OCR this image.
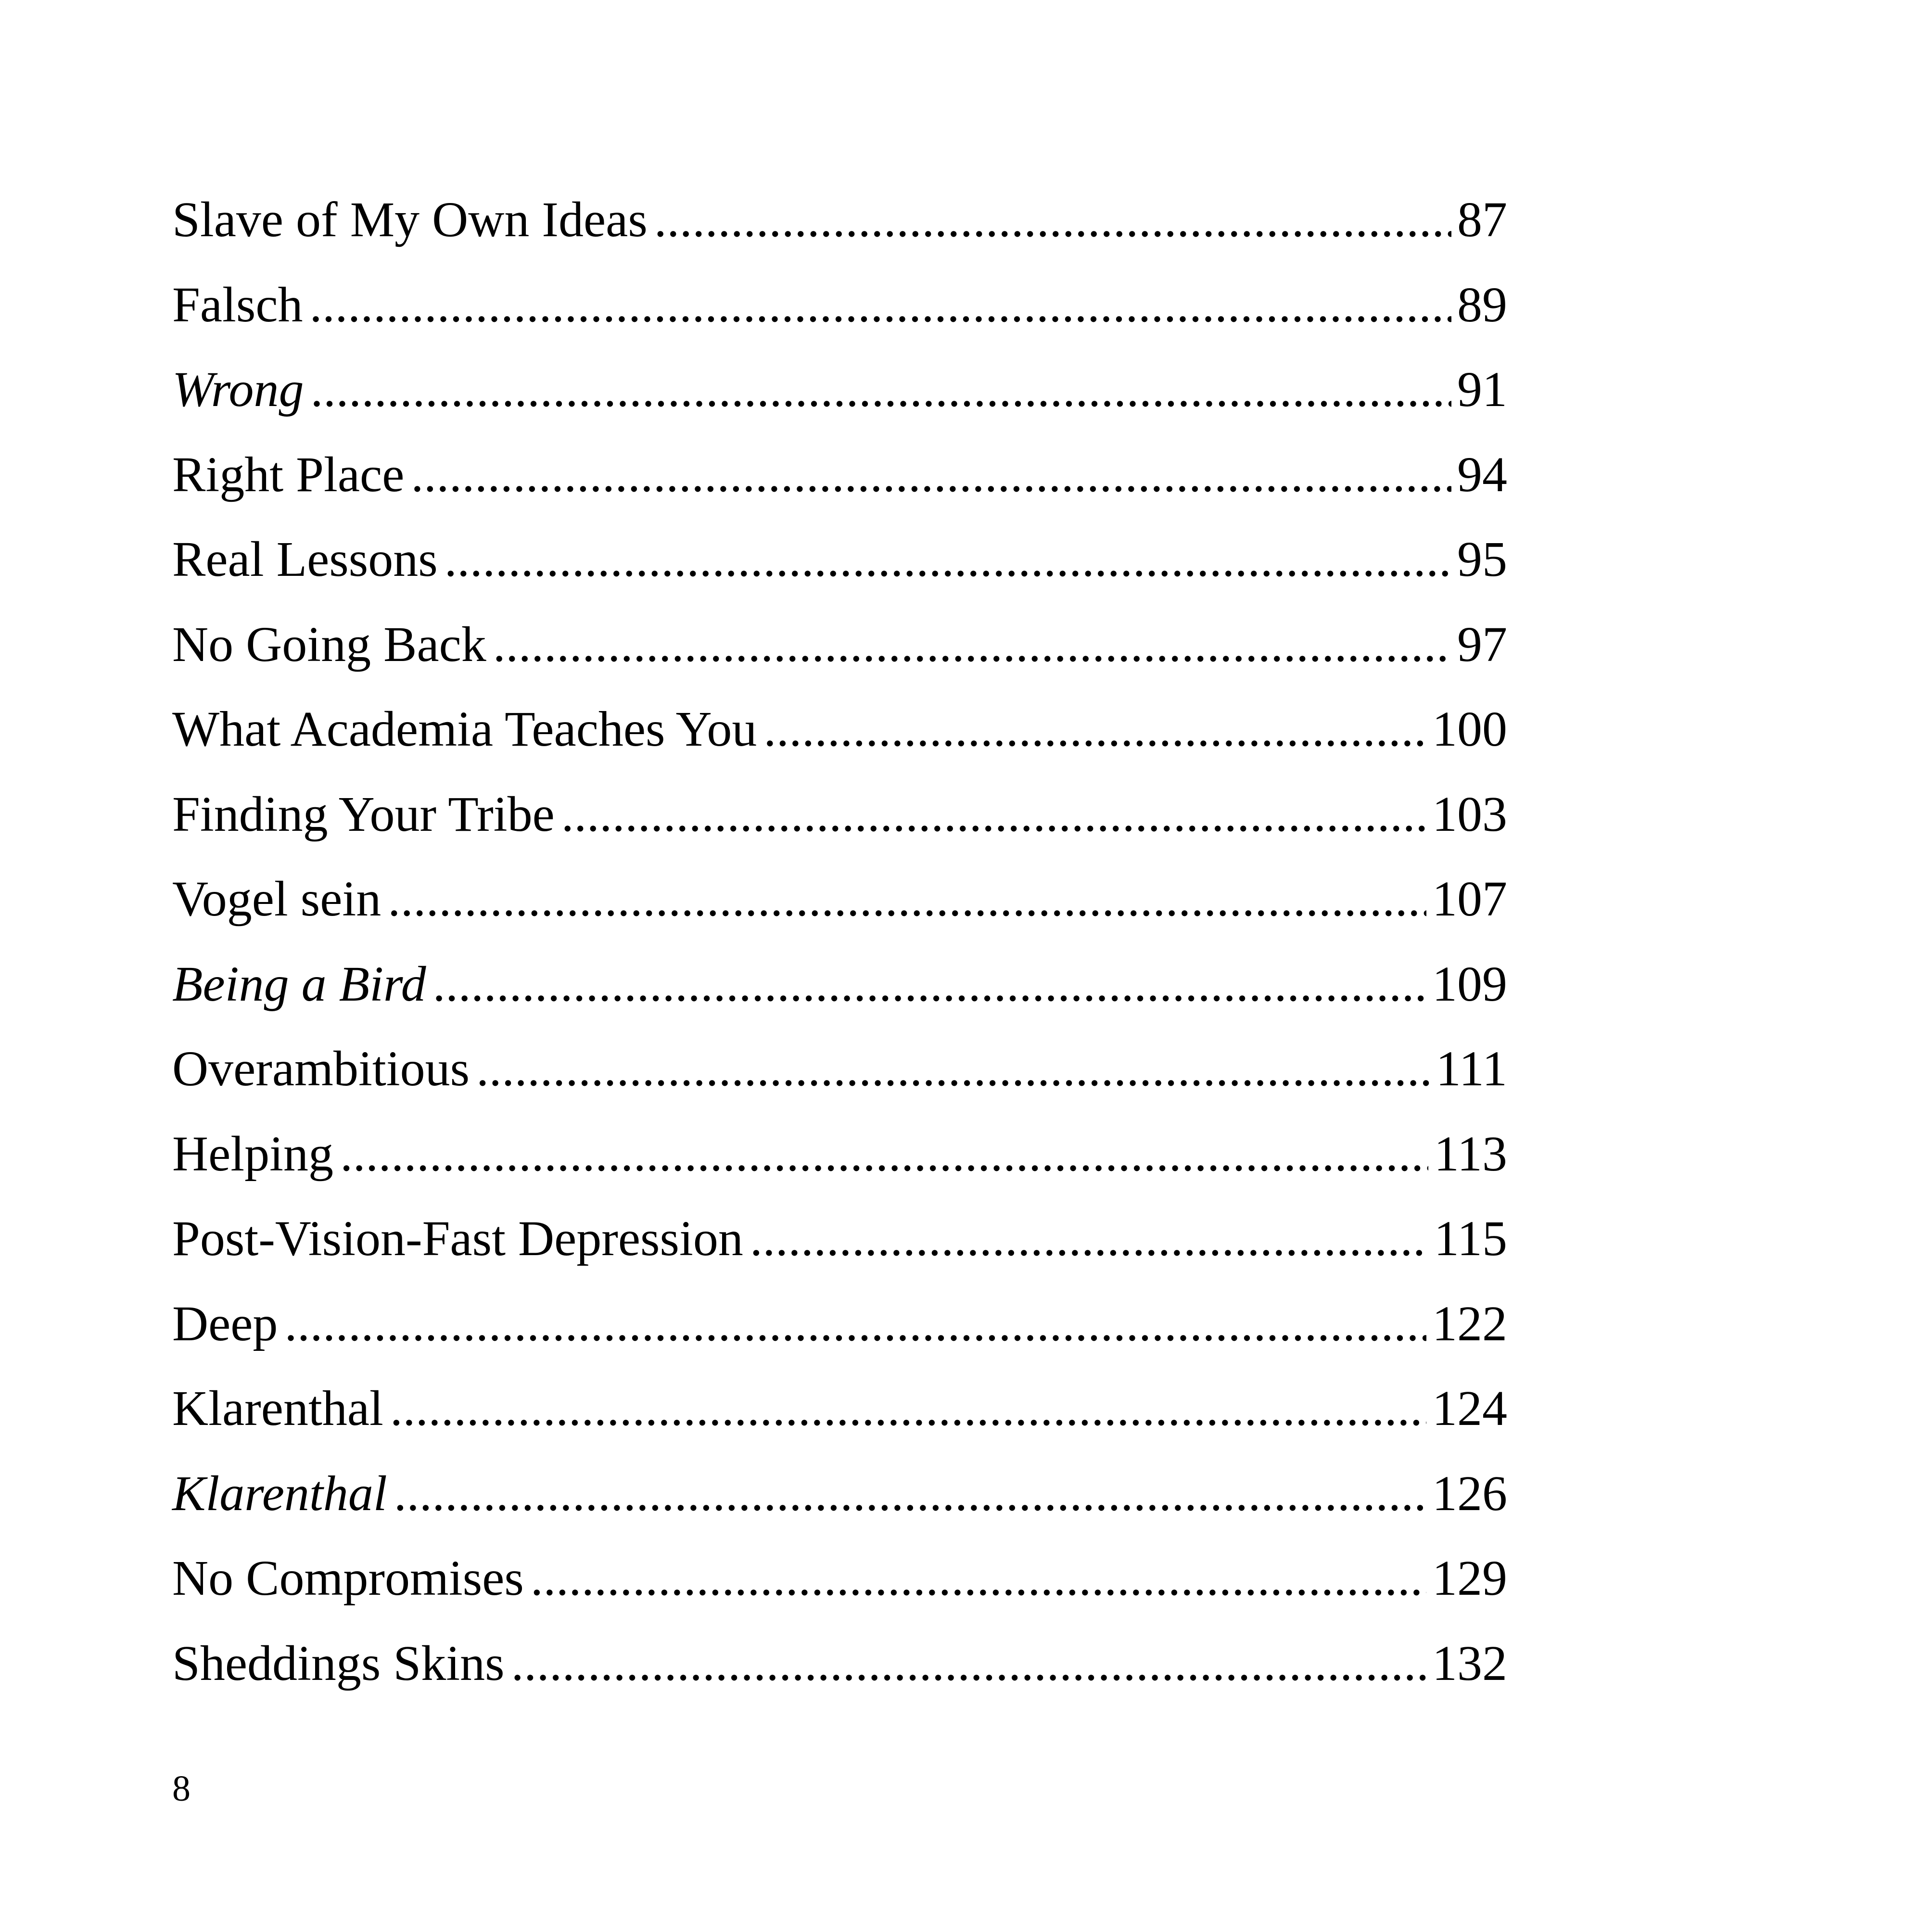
Slave of My Own Ideas .....	87
Falsch .....	89
Wrong .....	91
Right Place .....	94
Real Lessons .....	95
No Going Back .....	97
What Academia Teaches You .....	100
Finding Your Tribe .....	103
Vogel sein .....	107
Being a Bird .....	109
Overambitious .....	111
Helping .....	113
Post-Vision-Fast Depression .....	115
Deep .....	122
Klarenthal .....	124
Klarenthal .....	126
No Compromises .....	129
Sheddings Skins .....	132
8
